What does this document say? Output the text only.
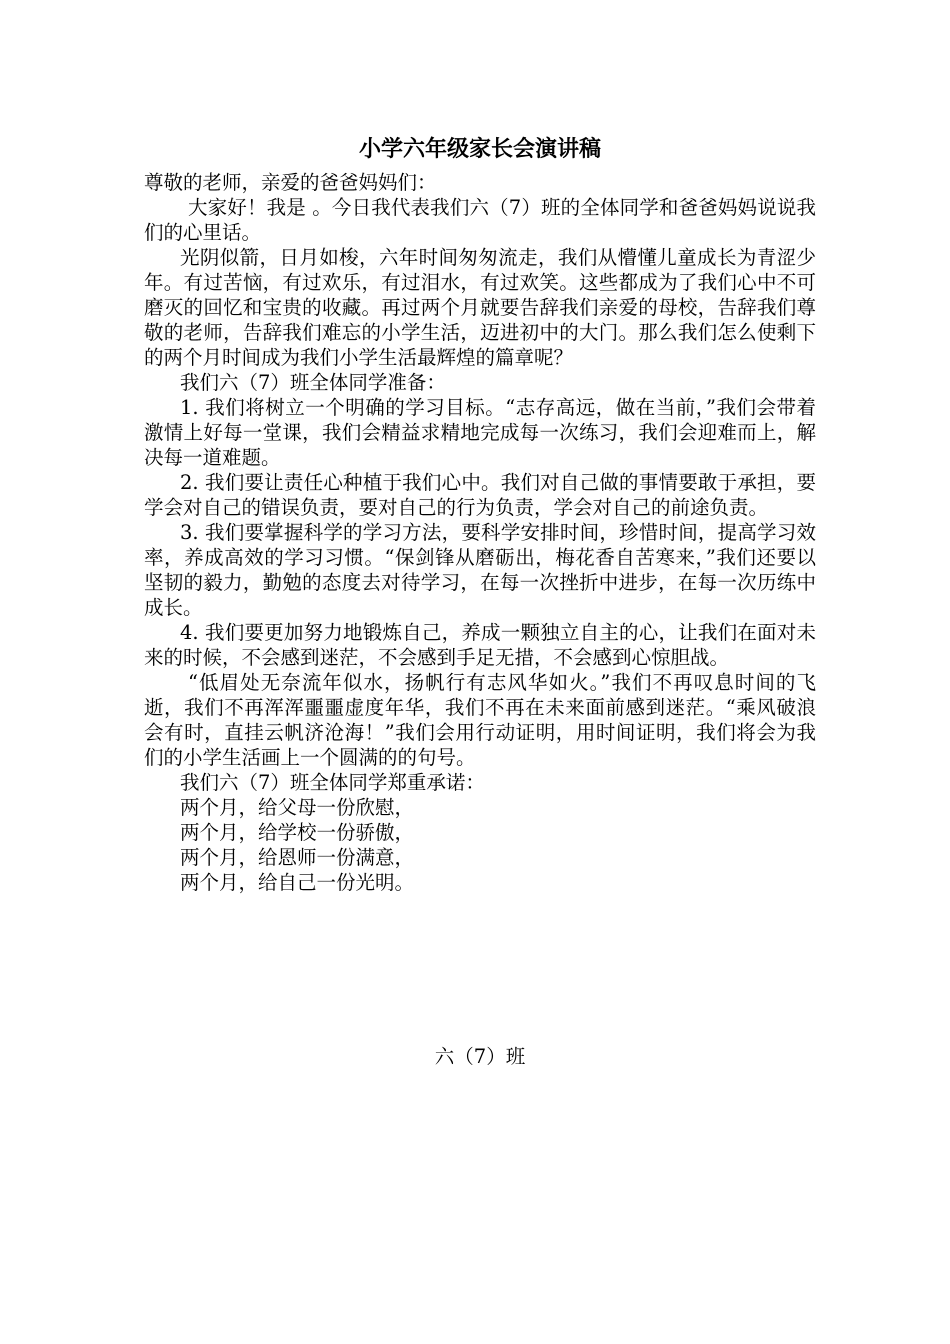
小学六年级家长会演讲稿

尊敬的老师，亲爱的爸爸妈妈们：

大家好！我是 。今日我代表我们六（7）班的全体同学和爸爸妈妈说说我们的心里话。

光阴似箭，日月如梭，六年时间匆匆流走，我们从懵懂儿童成长为青涩少年。有过苦恼，有过欢乐，有过泪水，有过欢笑。这些都成为了我们心中不可磨灭的回忆和宝贵的收藏。再过两个月就要告辞我们亲爱的母校，告辞我们尊敬的老师，告辞我们难忘的小学生活，迈进初中的大门。那么我们怎么使剩下的两个月时间成为我们小学生活最辉煌的篇章呢？

我们六（7）班全体同学准备：

1. 我们将树立一个明确的学习目标。“志存高远，做在当前，”我们会带着激情上好每一堂课，我们会精益求精地完成每一次练习，我们会迎难而上，解决每一道难题。

2. 我们要让责任心种植于我们心中。我们对自己做的事情要敢于承担，要学会对自己的错误负责，要对自己的行为负责，学会对自己的前途负责。

3. 我们要掌握科学的学习方法，要科学安排时间，珍惜时间，提高学习效率，养成高效的学习习惯。“保剑锋从磨砺出，梅花香自苦寒来，”我们还要以坚韧的毅力，勤勉的态度去对待学习，在每一次挫折中进步，在每一次历练中成长。

4. 我们要更加努力地锻炼自己，养成一颗独立自主的心，让我们在面对未来的时候，不会感到迷茫，不会感到手足无措，不会感到心惊胆战。

“低眉处无奈流年似水，扬帆行有志风华如火。”我们不再叹息时间的飞逝，我们不再浑浑噩噩虚度年华，我们不再在未来面前感到迷茫。“乘风破浪会有时，直挂云帆济沧海！”我们会用行动证明，用时间证明，我们将会为我们的小学生活画上一个圆满的的句号。

我们六（7）班全体同学郑重承诺：

两个月，给父母一份欣慰，

两个月，给学校一份骄傲，

两个月，给恩师一份满意，

两个月，给自己一份光明。

六（7）班
